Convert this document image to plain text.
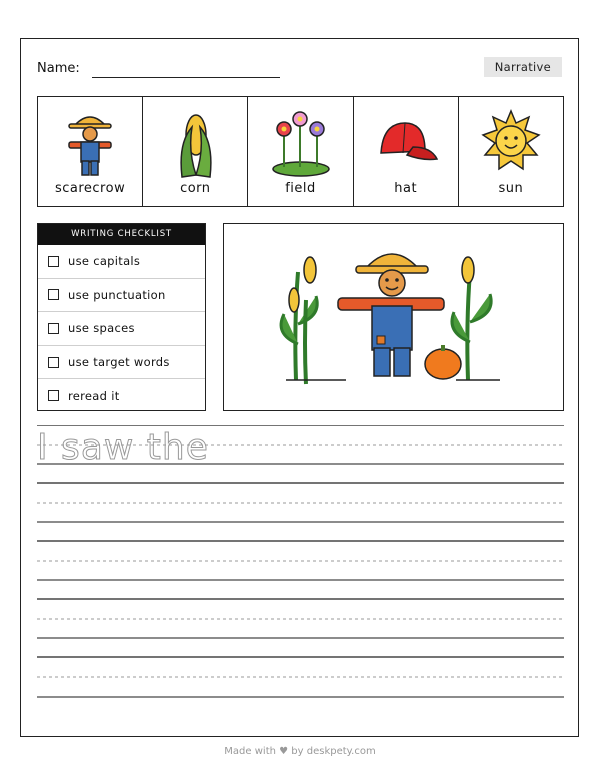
Name:	Narrative
scarecrow	corn	field	hat	sun
WRITING CHECKLIST
use capitals
use punctuation
use spaces
use target words
reread it
I saw the
Made with ♥ by deskpety.com
